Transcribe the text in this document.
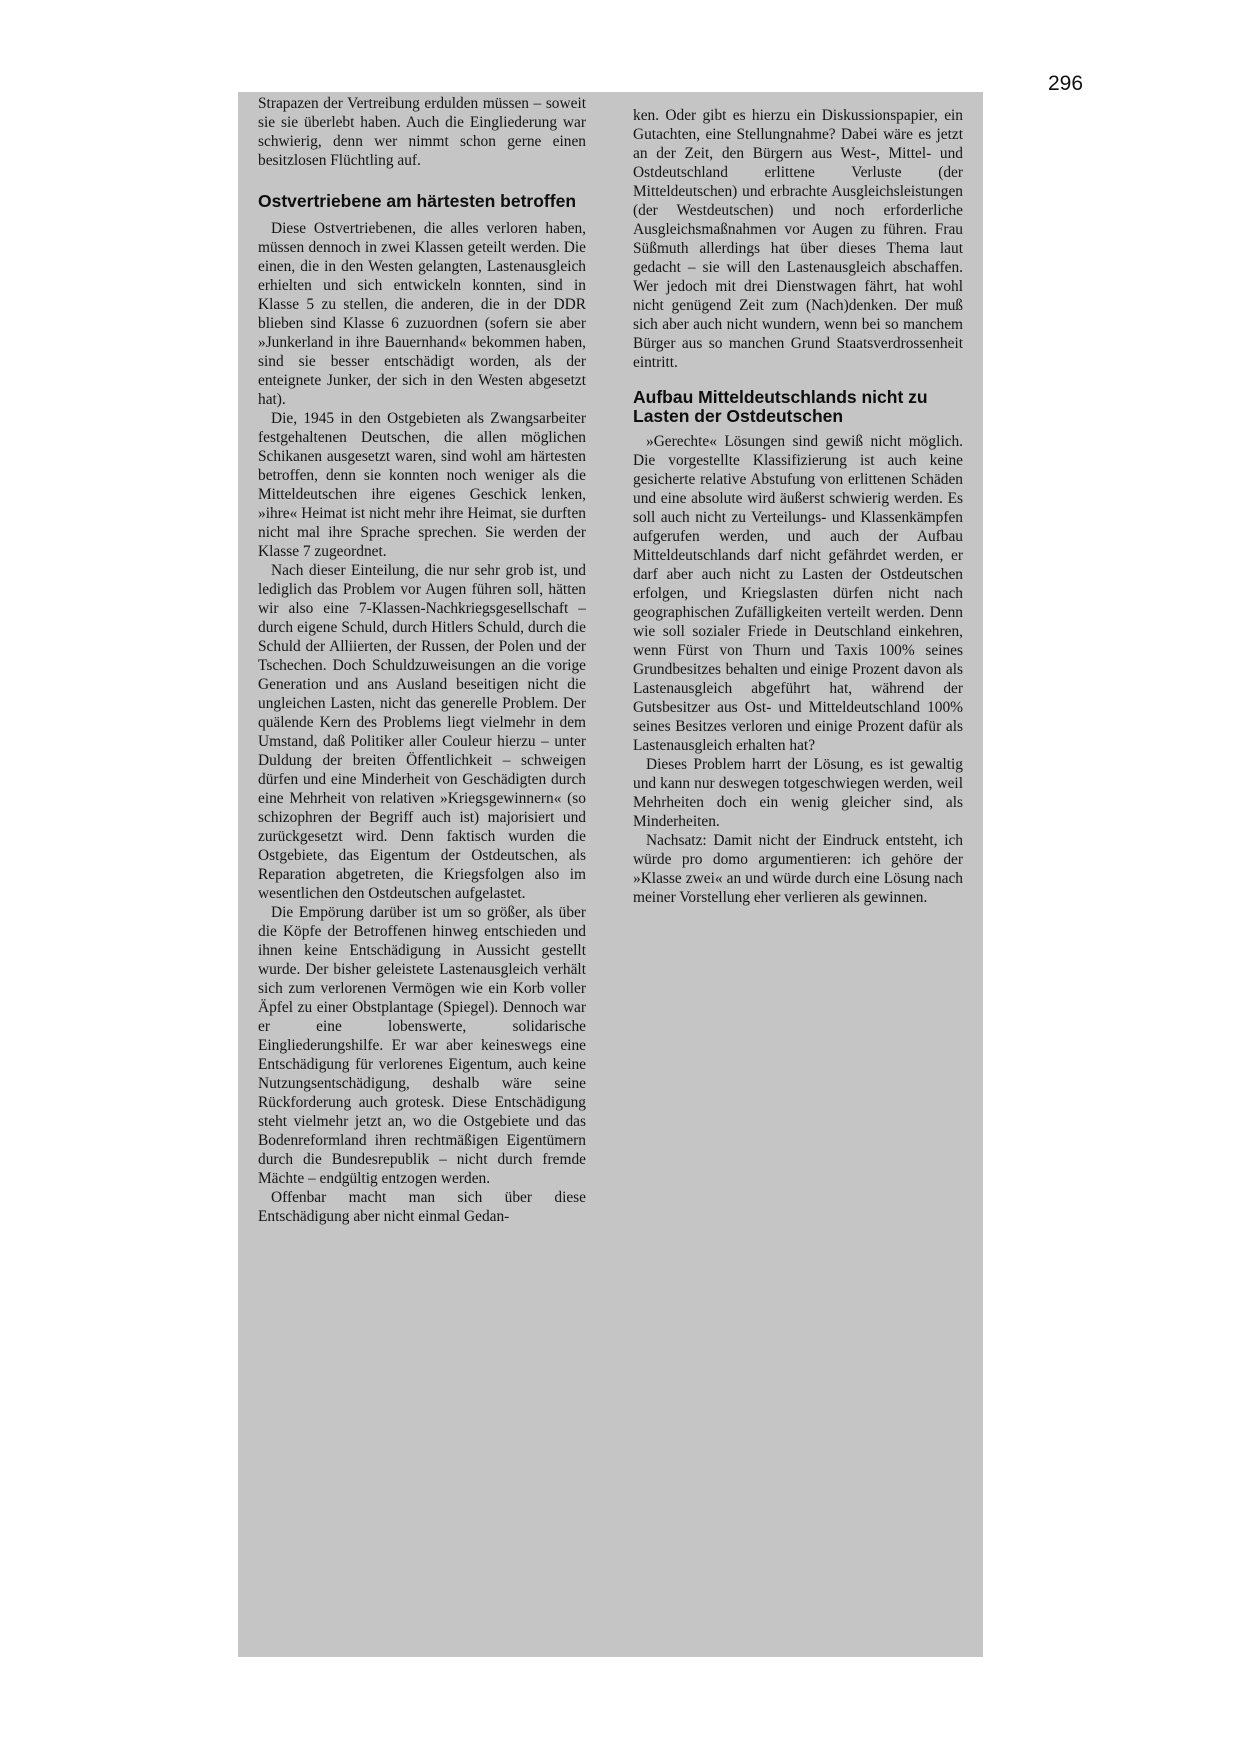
296

Strapazen der Vertreibung erdulden müssen – soweit sie sie überlebt haben. Auch die Eingliederung war schwierig, denn wer nimmt schon gerne einen besitzlosen Flüchtling auf.

Ostvertriebene am härtesten betroffen

Diese Ostvertriebenen, die alles verloren haben, müssen dennoch in zwei Klassen geteilt werden. Die einen, die in den Westen gelangten, Lastenausgleich erhielten und sich entwickeln konnten, sind in Klasse 5 zu stellen, die anderen, die in der DDR blieben sind Klasse 6 zuzuordnen (sofern sie aber »Junkerland in ihre Bauernhand« bekommen haben, sind sie besser entschädigt worden, als der enteignete Junker, der sich in den Westen abgesetzt hat).

Die, 1945 in den Ostgebieten als Zwangsarbeiter festgehaltenen Deutschen, die allen möglichen Schikanen ausgesetzt waren, sind wohl am härtesten betroffen, denn sie konnten noch weniger als die Mitteldeutschen ihre eigenes Geschick lenken, »ihre« Heimat ist nicht mehr ihre Heimat, sie durften nicht mal ihre Sprache sprechen. Sie werden der Klasse 7 zugeordnet.

Nach dieser Einteilung, die nur sehr grob ist, und lediglich das Problem vor Augen führen soll, hätten wir also eine 7-Klassen-Nachkriegsgesellschaft – durch eigene Schuld, durch Hitlers Schuld, durch die Schuld der Alliierten, der Russen, der Polen und der Tschechen. Doch Schuldzuweisungen an die vorige Generation und ans Ausland beseitigen nicht die ungleichen Lasten, nicht das generelle Problem. Der quälende Kern des Problems liegt vielmehr in dem Umstand, daß Politiker aller Couleur hierzu – unter Duldung der breiten Öffentlichkeit – schweigen dürfen und eine Minderheit von Geschädigten durch eine Mehrheit von relativen »Kriegsgewinnern« (so schizophren der Begriff auch ist) majorisiert und zurückgesetzt wird. Denn faktisch wurden die Ostgebiete, das Eigentum der Ostdeutschen, als Reparation abgetreten, die Kriegsfolgen also im wesentlichen den Ostdeutschen aufgelastet.

Die Empörung darüber ist um so größer, als über die Köpfe der Betroffenen hinweg entschieden und ihnen keine Entschädigung in Aussicht gestellt wurde. Der bisher geleistete Lastenausgleich verhält sich zum verlorenen Vermögen wie ein Korb voller Äpfel zu einer Obstplantage (Spiegel). Dennoch war er eine lobenswerte, solidarische Eingliederungshilfe. Er war aber keineswegs eine Entschädigung für verlorenes Eigentum, auch keine Nutzungsentschädigung, deshalb wäre seine Rückforderung auch grotesk. Diese Entschädigung steht vielmehr jetzt an, wo die Ostgebiete und das Bodenreformland ihren rechtmäßigen Eigentümern durch die Bundesrepublik – nicht durch fremde Mächte – endgültig entzogen werden.

Offenbar macht man sich über diese Entschädigung aber nicht einmal Gedan-

ken. Oder gibt es hierzu ein Diskussionspapier, ein Gutachten, eine Stellungnahme? Dabei wäre es jetzt an der Zeit, den Bürgern aus West-, Mittel- und Ostdeutschland erlittene Verluste (der Mitteldeutschen) und erbrachte Ausgleichsleistungen (der Westdeutschen) und noch erforderliche Ausgleichsmaßnahmen vor Augen zu führen. Frau Süßmuth allerdings hat über dieses Thema laut gedacht – sie will den Lastenausgleich abschaffen. Wer jedoch mit drei Dienstwagen fährt, hat wohl nicht genügend Zeit zum (Nach)denken. Der muß sich aber auch nicht wundern, wenn bei so manchem Bürger aus so manchen Grund Staatsverdrossenheit eintritt.

Aufbau Mitteldeutschlands nicht zu Lasten der Ostdeutschen

»Gerechte« Lösungen sind gewiß nicht möglich. Die vorgestellte Klassifizierung ist auch keine gesicherte relative Abstufung von erlittenen Schäden und eine absolute wird äußerst schwierig werden. Es soll auch nicht zu Verteilungs- und Klassenkämpfen aufgerufen werden, und auch der Aufbau Mitteldeutschlands darf nicht gefährdet werden, er darf aber auch nicht zu Lasten der Ostdeutschen erfolgen, und Kriegslasten dürfen nicht nach geographischen Zufälligkeiten verteilt werden. Denn wie soll sozialer Friede in Deutschland einkehren, wenn Fürst von Thurn und Taxis 100% seines Grundbesitzes behalten und einige Prozent davon als Lastenausgleich abgeführt hat, während der Gutsbesitzer aus Ost- und Mitteldeutschland 100% seines Besitzes verloren und einige Prozent dafür als Lastenausgleich erhalten hat?

Dieses Problem harrt der Lösung, es ist gewaltig und kann nur deswegen totgeschwiegen werden, weil Mehrheiten doch ein wenig gleicher sind, als Minderheiten.

Nachsatz: Damit nicht der Eindruck entsteht, ich würde pro domo argumentieren: ich gehöre der »Klasse zwei« an und würde durch eine Lösung nach meiner Vorstellung eher verlieren als gewinnen.
